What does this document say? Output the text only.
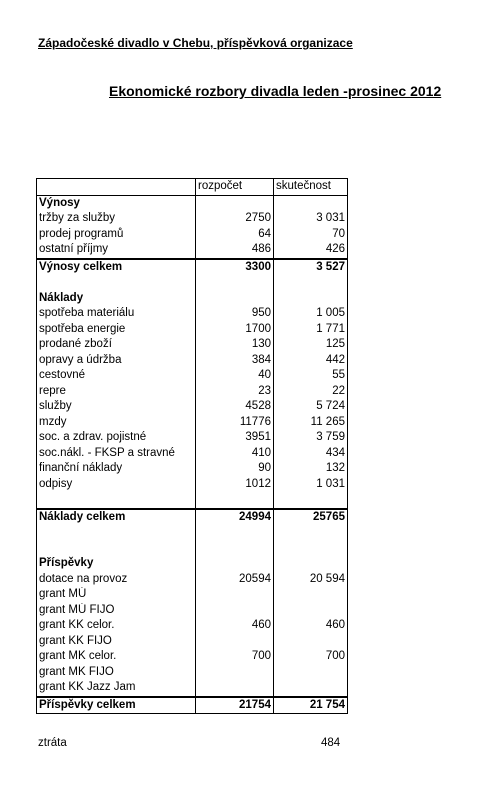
Západočeské divadlo v Chebu, příspěvková organizace
Ekonomické rozbory divadla leden -prosinec 2012
	rozpočet	skutečnost
Výnosy		
tržby za služby	2750	3 031
prodej programů	64	70
ostatní příjmy	486	426
Výnosy celkem	3300	3 527

Náklady		
spotřeba materiálu	950	1 005
spotřeba energie	1700	1 771
prodané zboží	130	125
opravy a údržba	384	442
cestovné	40	55
repre	23	22
služby	4528	5 724
mzdy	11776	11 265
soc. a zdrav. pojistné	3951	3 759
soc.nákl. - FKSP a stravné	410	434
finanční náklady	90	132
odpisy	1012	1 031

Náklady celkem	24994	25765

Příspěvky		
dotace na provoz	20594	20 594
grant MÚ		
grant MÚ FIJO		
grant KK celor.	460	460
grant KK FIJO		
grant MK celor.	700	700
grant MK FIJO		
grant KK Jazz Jam		
Příspěvky celkem	21754	21 754
ztráta	484
